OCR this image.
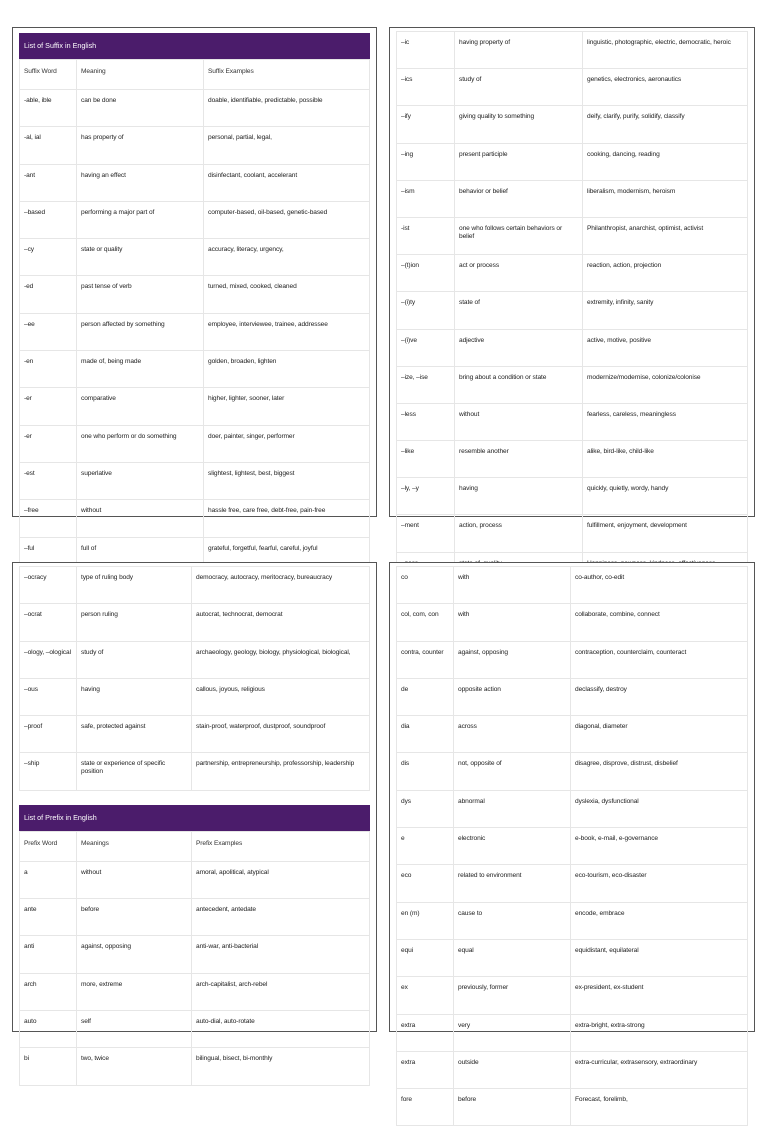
List of Suffix in English
Suffix Word	Meaning	Suffix Examples
-able, ible	can be done	doable, identifiable, predictable, possible
-al, ial	has property of	personal, partial, legal,
-ant	having an effect	disinfectant, coolant, accelerant
–based	performing a major part of	computer-based, oil-based, genetic-based
–cy	state or quality	accuracy, literacy, urgency,
-ed	past tense of verb	turned, mixed, cooked, cleaned
–ee	person affected by something	employee, interviewee, trainee, addressee
-en	made of, being made	golden, broaden, lighten
-er	comparative	higher, lighter, sooner, later
-er	one who perform or do something	doer, painter, singer, performer
-est	superlative	slightest, lightest, best, biggest
–free	without	hassle free, care free, debt-free, pain-free
–ful	full of	grateful, forgetful, fearful, careful, joyful

–ic	having property of	linguistic, photographic, electric, democratic, heroic
–ics	study of	genetics, electronics, aeronautics
–ify	giving quality to something	deify, clarify, purify, solidify, classify
–ing	present participle	cooking, dancing, reading
–ism	behavior or belief	liberalism, modernism, heroism
-ist	one who follows certain behaviors or belief	Philanthropist, anarchist, optimist, activist
–(t)ion	act or process	reaction, action, projection
–(i)ty	state of	extremity, infinity, sanity
–(i)ve	adjective	active, motive, positive
–ize, –ise	bring about a condition or state	modernize/modernise, colonize/colonise
–less	without	fearless, careless, meaningless
–like	resemble another	alike, bird-like, child-like
–ly, –y	having	quickly, quietly, wordy, handy
–ment	action, process	fulfillment, enjoyment, development

–ocracy	type of ruling body	democracy, autocracy, meritocracy, bureaucracy
–ocrat	person ruling	autocrat, technocrat, democrat
–ology, –ological	study of	archaeology, geology, biology, physiological, biological,
–ous	having	callous, joyous, religious
–proof	safe, protected against	stain-proof, waterproof, dustproof, soundproof
–ship	state or experience of specific position	partnership, entrepreneurship, professorship, leadership
List of Prefix in English
Prefix Word	Meanings	Prefix Examples
a	without	amoral, apolitical, atypical
ante	before	antecedent, antedate
anti	against, opposing	anti-war, anti-bacterial
arch	more, extreme	arch-capitalist, arch-rebel
auto	self	auto-dial, auto-rotate
bi	two, twice	bilingual, bisect, bi-monthly
co	with	co-author, co-edit
col, com, con	with	collaborate, combine, connect
contra, counter	against, opposing	contraception, counterclaim, counteract
de	opposite action	declassify, destroy
dia	across	diagonal, diameter
dis	not, opposite of	disagree, disprove, distrust, disbelief
dys	abnormal	dyslexia, dysfunctional
e	electronic	e-book, e-mail, e-governance
eco	related to environment	eco-tourism, eco-disaster
en (m)	cause to	encode, embrace
equi	equal	equidistant, equilateral
ex	previously, former	ex-president, ex-student
extra	very	extra-bright, extra-strong
extra	outside	extra-curricular, extrasensory, extraordinary
fore	before	Forecast, forelimb,
